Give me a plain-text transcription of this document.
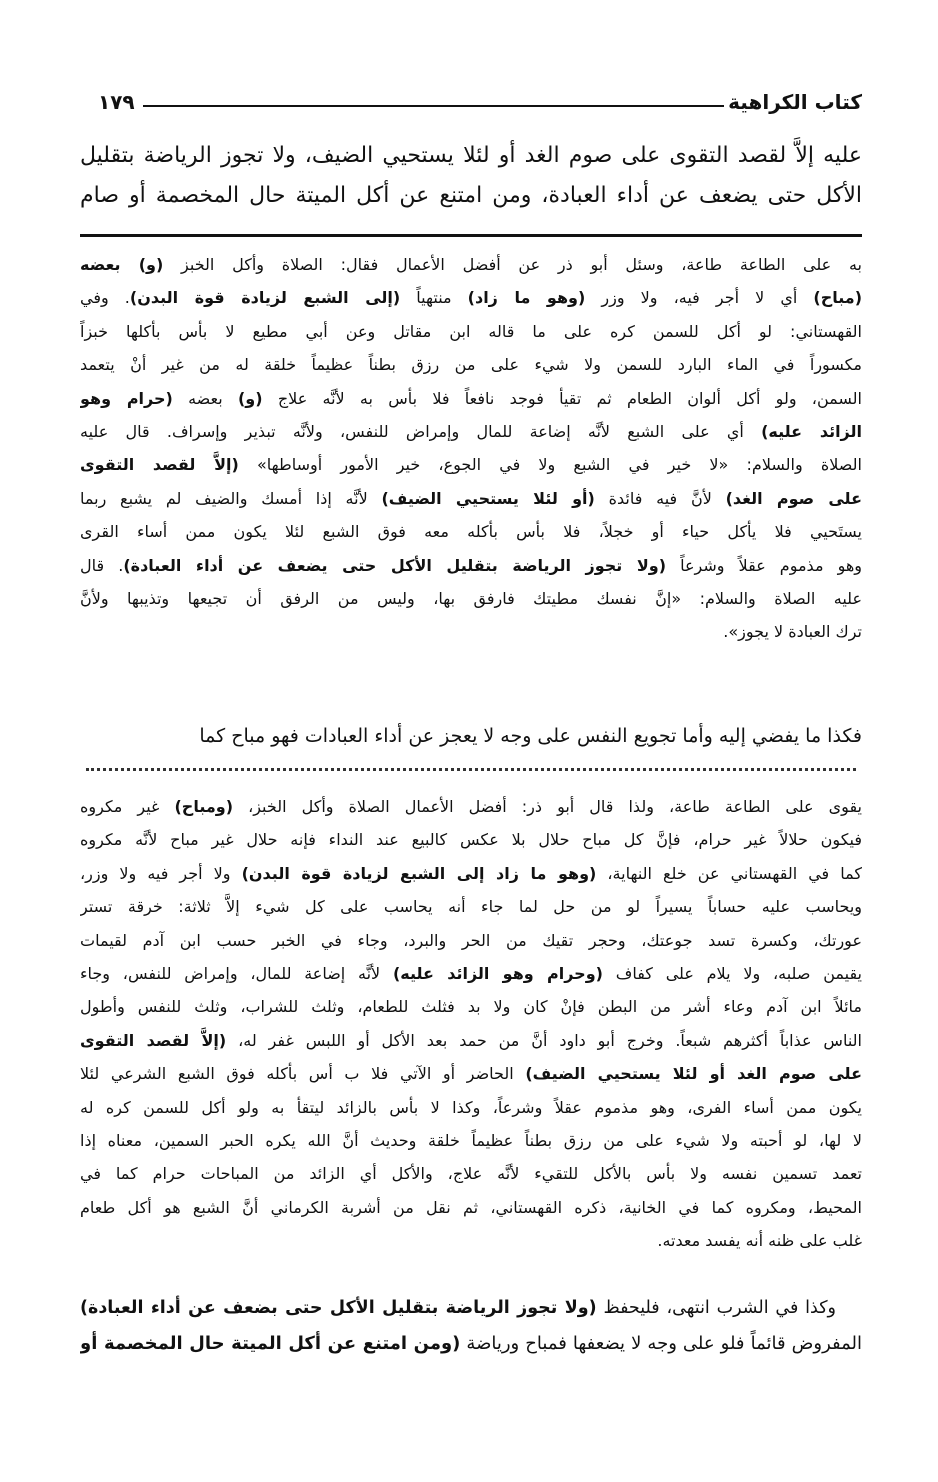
كتاب الكراهية
١٧٩
عليه إلاَّ لقصد التقوى على صوم الغد أو لئلا يستحيي الضيف، ولا تجوز الرياضة بتقليل
الأكل حتى يضعف عن أداء العبادة، ومن امتنع عن أكل الميتة حال المخصمة أو صام
به على الطاعة طاعة، وسئل أبو ذر عن أفضل الأعمال فقال: الصلاة وأكل الخبز (و) بعضه
(مباح) أي لا أجر فيه، ولا وزر (وهو ما زاد) منتهياً (إلى الشبع لزيادة قوة البدن). وفي
القهستاني: لو أكل للسمن كره على ما قاله ابن مقاتل وعن أبي مطيع لا بأس بأكلها خبزاً
مكسوراً في الماء البارد للسمن ولا شيء على من رزق بطناً عظيماً خلقة له من غير أنْ يتعمد
السمن، ولو أكل ألوان الطعام ثم تقيأ فوجد نافعاً فلا بأس به لأنَّه علاج (و) بعضه (حرام وهو
الزائد عليه) أي على الشبع لأنَّه إضاعة للمال وإمراض للنفس، ولأنَّه تبذير وإسراف. قال عليه
الصلاة والسلام: «لا خير في الشبع ولا في الجوع، خير الأمور أوساطها» (إلاَّ لقصد التقوى
على صوم الغد) لأنَّ فيه فائدة (أو لئلا يستحيي الضيف) لأنَّه إذا أمسك والضيف لم يشبع ربما
يستَحيي فلا يأكل حياء أو خجلاً، فلا بأس بأكله معه فوق الشبع لئلا يكون ممن أساء القرى
وهو مذموم عقلاً وشرعاً (ولا تجوز الرياضة بتقليل الأكل حتى يضعف عن أداء العبادة). قال
عليه الصلاة والسلام: «إنَّ نفسك مطيتك فارفق بها، وليس من الرفق أن تجيعها وتذيبها ولأنَّ
ترك العبادة لا يجوز».
فكذا ما يفضي إليه وأما تجويع النفس على وجه لا يعجز عن أداء العبادات فهو مباح كما
يقوى على الطاعة طاعة، ولذا قال أبو ذر: أفضل الأعمال الصلاة وأكل الخبز، (ومباح) غير مكروه
فيكون حلالاً غير حرام، فإنَّ كل مباح حلال بلا عكس كالبيع عند النداء فإنه حلال غير مباح لأنَّه مكروه
كما في القهستاني عن خلع النهاية، (وهو ما زاد إلى الشبع لزيادة قوة البدن) ولا أجر فيه ولا وزر،
ويحاسب عليه حساباً يسيراً لو من حل لما جاء أنه يحاسب على كل شيء إلاَّ ثلاثة: خرقة تستر
عورتك، وكسرة تسد جوعتك، وحجر تقيك من الحر والبرد، وجاء في الخبر حسب ابن آدم لقيمات
يقيمن صلبه، ولا يلام على كفاف (وحرام وهو الزائد عليه) لأنَّه إضاعة للمال، وإمراض للنفس، وجاء
مائلاً ابن آدم وعاء أشر من البطن فإنْ كان ولا بد فثلث للطعام، وثلث للشراب، وثلث للنفس وأطول
الناس عذاباً أكثرهم شبعاً. وخرج أبو داود أنَّ من حمد بعد الأكل أو اللبس غفر له، (إلاَّ لقصد التقوى
على صوم الغد أو لئلا يستحيي الضيف) الحاضر أو الآتي فلا ب أس بأكله فوق الشبع الشرعي لئلا
يكون ممن أساء الفرى، وهو مذموم عقلاً وشرعاً، وكذا لا بأس بالزائد ليتقأ به ولو أكل للسمن كره له
لا لها، لو أحبته ولا شيء على من رزق بطناً عظيماً خلقة وحديث أنَّ الله يكره الحبر السمين، معناه إذا
تعمد تسمين نفسه ولا بأس بالأكل للتقيء لأنَّه علاج، والأكل أي الزائد من المباحات حرام كما في
المحيط، ومكروه كما في الخانية، ذكره القهستاني، ثم نقل من أشربة الكرماني أنَّ الشبع هو أكل طعام
غلب على ظنه أنه يفسد معدته.
وكذا في الشرب انتهى، فليحفظ (ولا تجوز الرياضة بتقليل الأكل حتى بضعف عن أداء العبادة)
المفروض قائماً فلو على وجه لا يضعفها فمباح ورياضة (ومن امتنع عن أكل الميتة حال المخصمة أو
